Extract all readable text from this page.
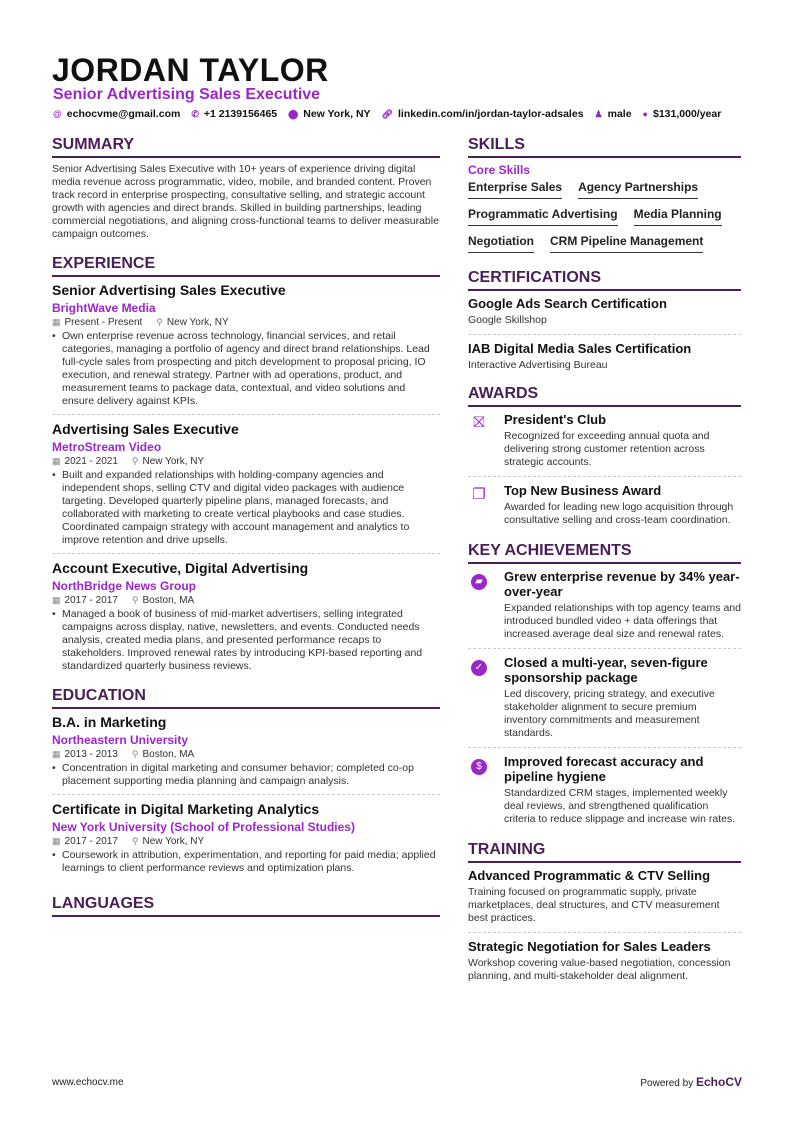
JORDAN TAYLOR
Senior Advertising Sales Executive
@ echocvme@gmail.com ✆ +1 2139156465 ⬤ New York, NY 🔗︎ linkedin.com/in/jordan-taylor-adsales ♟ male ● $131,000/year
SUMMARY
Senior Advertising Sales Executive with 10+ years of experience driving digital media revenue across programmatic, video, mobile, and branded content. Proven track record in enterprise prospecting, consultative selling, and strategic account growth with agencies and direct brands. Skilled in building partnerships, leading commercial negotiations, and aligning cross-functional teams to deliver measurable campaign outcomes.
EXPERIENCE
Senior Advertising Sales Executive
BrightWave Media
▦ Present - Present ⚲ New York, NY
• Own enterprise revenue across technology, financial services, and retail categories, managing a portfolio of agency and direct brand relationships. Lead full-cycle sales from prospecting and pitch development to proposal pricing, IO execution, and renewal strategy. Partner with ad operations, product, and measurement teams to package data, contextual, and video solutions and ensure delivery against KPIs.
Advertising Sales Executive
MetroStream Video
▦ 2021 - 2021 ⚲ New York, NY
• Built and expanded relationships with holding-company agencies and independent shops, selling CTV and digital video packages with audience targeting. Developed quarterly pipeline plans, managed forecasts, and collaborated with marketing to create vertical playbooks and case studies. Coordinated campaign strategy with account management and analytics to improve retention and drive upsells.
Account Executive, Digital Advertising
NorthBridge News Group
▦ 2017 - 2017 ⚲ Boston, MA
• Managed a book of business of mid-market advertisers, selling integrated campaigns across display, native, newsletters, and events. Conducted needs analysis, created media plans, and presented performance recaps to stakeholders. Improved renewal rates by introducing KPI-based reporting and standardized quarterly business reviews.
EDUCATION
B.A. in Marketing
Northeastern University
▦ 2013 - 2013 ⚲ Boston, MA
• Concentration in digital marketing and consumer behavior; completed co-op placement supporting media planning and campaign analysis.
Certificate in Digital Marketing Analytics
New York University (School of Professional Studies)
▦ 2017 - 2017 ⚲ New York, NY
• Coursework in attribution, experimentation, and reporting for paid media; applied learnings to client performance reviews and optimization plans.
LANGUAGES
SKILLS
Core Skills
Enterprise Sales Agency Partnerships
Programmatic Advertising Media Planning
Negotiation CRM Pipeline Management
CERTIFICATIONS
Google Ads Search Certification
Google Skillshop
IAB Digital Media Sales Certification
Interactive Advertising Bureau
AWARDS
⛝	President's Club
Recognized for exceeding annual quota and delivering strong customer retention across strategic accounts.
❐	Top New Business Award
Awarded for leading new logo acquisition through consultative selling and cross-team coordination.
KEY ACHIEVEMENTS
▰	Grew enterprise revenue by 34% year-over-year
Expanded relationships with top agency teams and introduced bundled video + data offerings that increased average deal size and renewal rates.
✓	Closed a multi-year, seven-figure sponsorship package
Led discovery, pricing strategy, and executive stakeholder alignment to secure premium inventory commitments and measurement standards.
$	Improved forecast accuracy and pipeline hygiene
Standardized CRM stages, implemented weekly deal reviews, and strengthened qualification criteria to reduce slippage and increase win rates.
TRAINING
Advanced Programmatic & CTV Selling
Training focused on programmatic supply, private marketplaces, deal structures, and CTV measurement best practices.
Strategic Negotiation for Sales Leaders
Workshop covering value-based negotiation, concession planning, and multi-stakeholder deal alignment.
www.echocv.me	Powered by EchoCV
